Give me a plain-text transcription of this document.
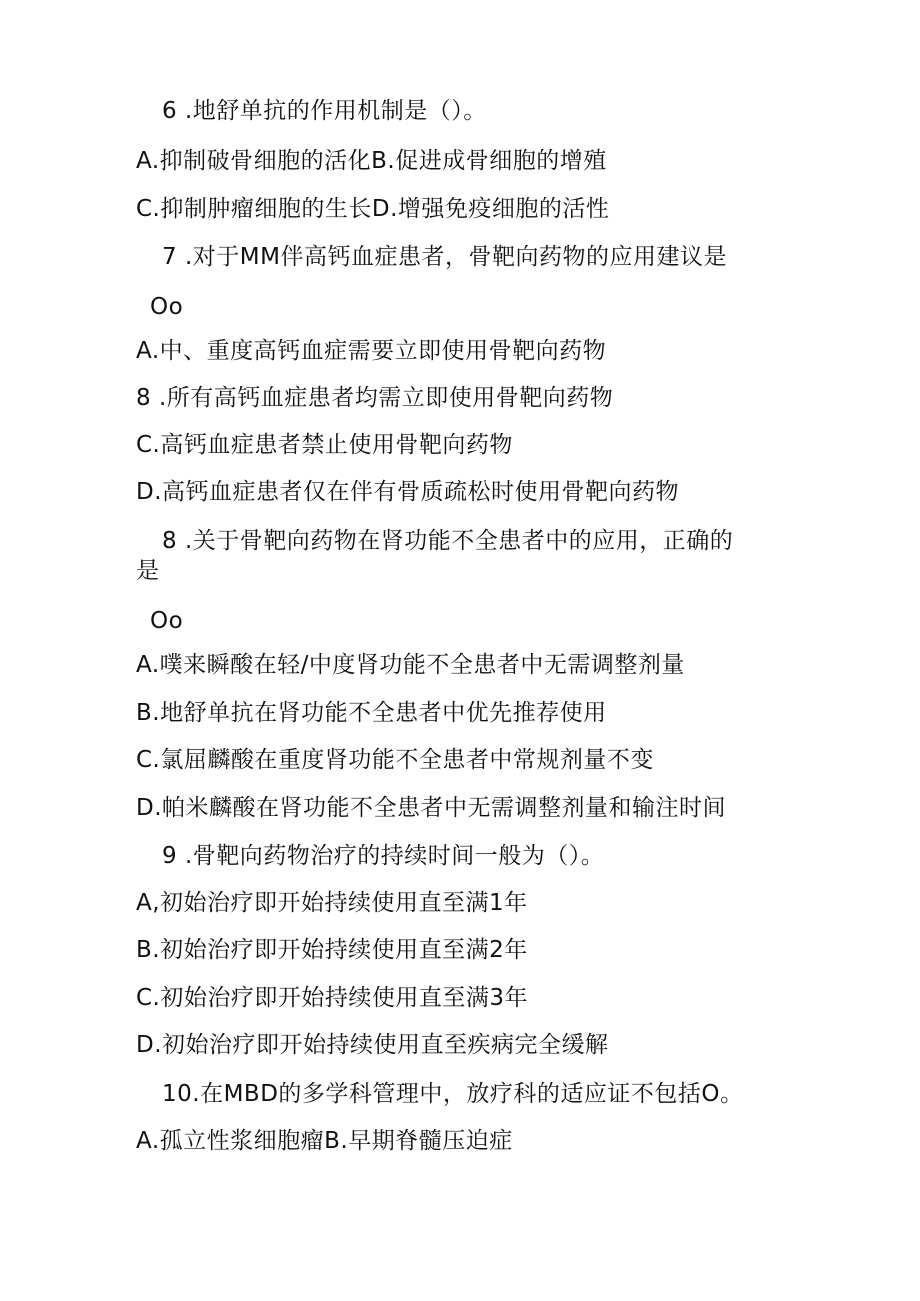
6 .地舒单抗的作用机制是（）。
A.抑制破骨细胞的活化B.促进成骨细胞的增殖
C.抑制肿瘤细胞的生长D.增强免疫细胞的活性
7 .对于MM伴高钙血症患者，骨靶向药物的应用建议是
Oo
A.中、重度高钙血症需要立即使用骨靶向药物
8 .所有高钙血症患者均需立即使用骨靶向药物
C.高钙血症患者禁止使用骨靶向药物
D.高钙血症患者仅在伴有骨质疏松时使用骨靶向药物
8 .关于骨靶向药物在肾功能不全患者中的应用，正确的
是
Oo
A.噗来瞬酸在轻/中度肾功能不全患者中无需调整剂量
B.地舒单抗在肾功能不全患者中优先推荐使用
C.氯屈麟酸在重度肾功能不全患者中常规剂量不变
D.帕米麟酸在肾功能不全患者中无需调整剂量和输注时间
9 .骨靶向药物治疗的持续时间一般为（）。
A,初始治疗即开始持续使用直至满1年
B.初始治疗即开始持续使用直至满2年
C.初始治疗即开始持续使用直至满3年
D.初始治疗即开始持续使用直至疾病完全缓解
10.在MBD的多学科管理中，放疗科的适应证不包括O。
A.孤立性浆细胞瘤B.早期脊髓压迫症
